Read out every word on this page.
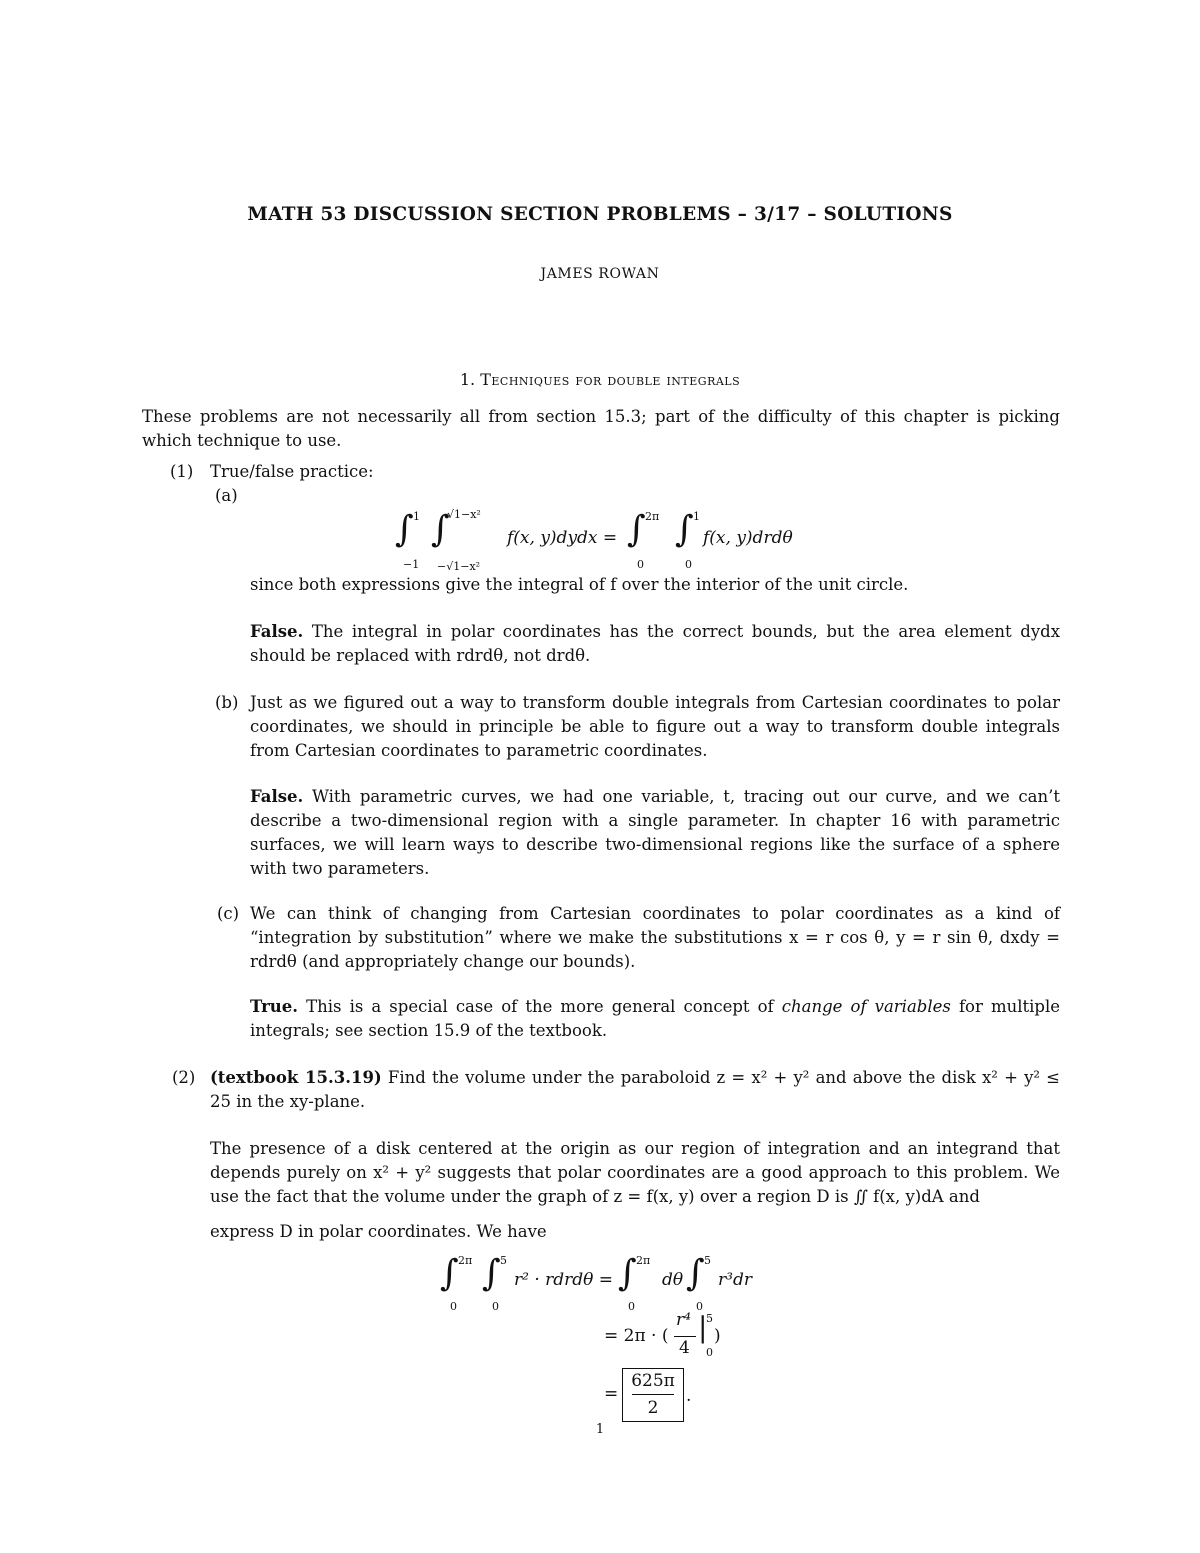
MATH 53 DISCUSSION SECTION PROBLEMS – 3/17 – SOLUTIONS
JAMES ROWAN
1. Techniques for double integrals
These problems are not necessarily all from section 15.3; part of the difficulty of this chapter is picking which technique to use.
(1) True/false practice:
(a)
∫ 1
−1
∫
√1−x²
−√1−x²
f(x, y)dydx = ∫ 2π
0
∫ 1
0
f(x, y)drdθ
since both expressions give the integral of f over the interior of the unit circle.
False. The integral in polar coordinates has the correct bounds, but the area element dydx should be replaced with rdrdθ, not drdθ.
(b) Just as we figured out a way to transform double integrals from Cartesian coordinates to polar coordinates, we should in principle be able to figure out a way to transform double integrals from Cartesian coordinates to parametric coordinates.
False. With parametric curves, we had one variable, t, tracing out our curve, and we can’t describe a two-dimensional region with a single parameter. In chapter 16 with parametric surfaces, we will learn ways to describe two-dimensional regions like the surface of a sphere with two parameters.
(c) We can think of changing from Cartesian coordinates to polar coordinates as a kind of “integration by substitution” where we make the substitutions x = r cos θ, y = r sin θ, dxdy = rdrdθ (and appropriately change our bounds).
True. This is a special case of the more general concept of change of variables for multiple integrals; see section 15.9 of the textbook.
(2) (textbook 15.3.19) Find the volume under the paraboloid z = x² + y² and above the disk x² + y² ≤ 25 in the xy-plane.
The presence of a disk centered at the origin as our region of integration and an integrand that depends purely on x² + y² suggests that polar coordinates are a good approach to this problem. We use the fact that the volume under the graph of z = f(x, y) over a region D is ∬ f(x, y)dA and
express D in polar coordinates. We have
∫ 2π
0
∫ 5
0
r² · rdrdθ = ∫ 2π
0
dθ ∫ 5
0
r³dr
= 2π · (
r⁴
4
|
5
0
)
=
625π
2
.
1
